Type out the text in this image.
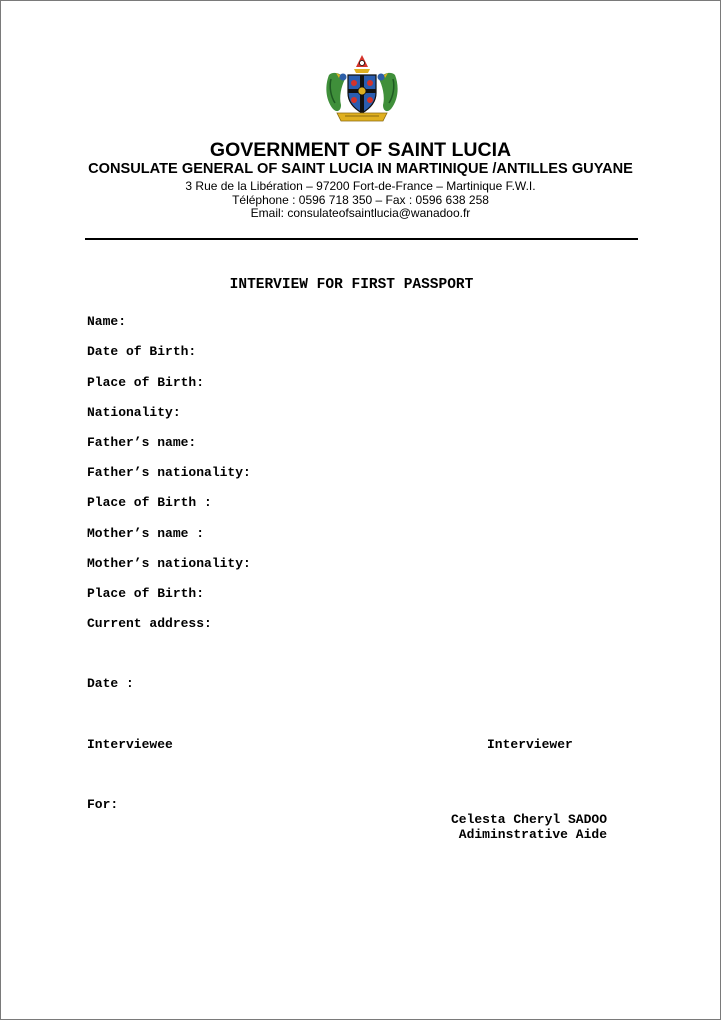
GOVERNMENT OF SAINT LUCIA
CONSULATE GENERAL OF SAINT LUCIA IN MARTINIQUE /ANTILLES GUYANE
3 Rue de la Libération – 97200 Fort-de-France – Martinique F.W.I.
Téléphone : 0596 718 350 – Fax : 0596 638 258
Email: consulateofsaintlucia@wanadoo.fr
INTERVIEW FOR FIRST PASSPORT
Name:
Date of Birth:
Place of Birth:
Nationality:
Father’s name:
Father’s nationality:
Place of Birth :
Mother’s name :
Mother’s nationality:
Place of Birth:
Current address:
Date :
Interviewee	Interviewer
For:
Celesta Cheryl SADOO
Adiminstrative Aide
